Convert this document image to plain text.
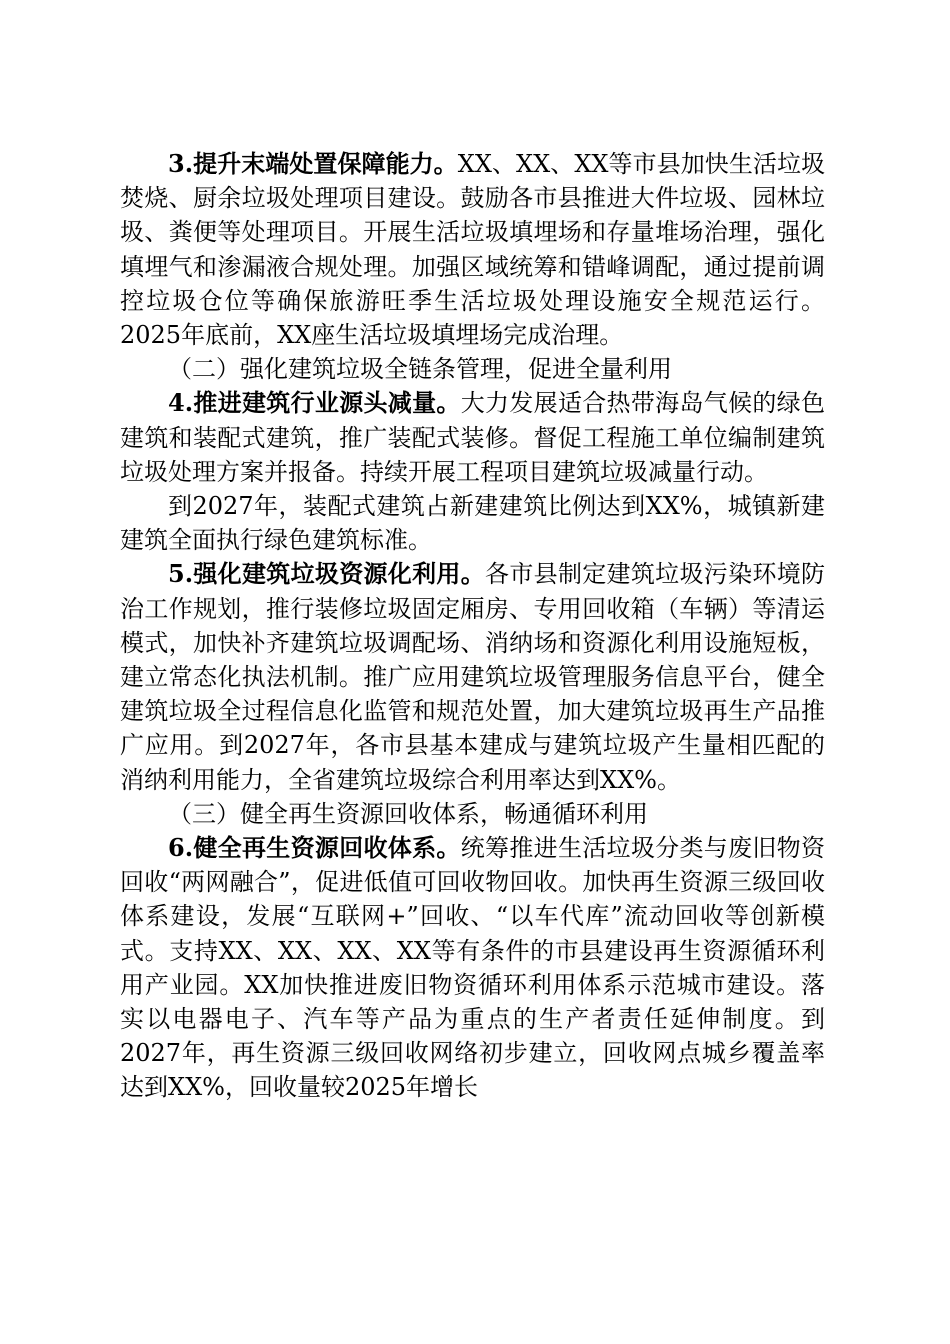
3.提升末端处置保障能力。XX、XX、XX等市县加快生活垃圾焚烧、厨余垃圾处理项目建设。鼓励各市县推进大件垃圾、园林垃圾、粪便等处理项目。开展生活垃圾填埋场和存量堆场治理，强化填埋气和渗漏液合规处理。加强区域统筹和错峰调配，通过提前调控垃圾仓位等确保旅游旺季生活垃圾处理设施安全规范运行。2025年底前，XX座生活垃圾填埋场完成治理。

（二）强化建筑垃圾全链条管理，促进全量利用

4.推进建筑行业源头减量。大力发展适合热带海岛气候的绿色建筑和装配式建筑，推广装配式装修。督促工程施工单位编制建筑垃圾处理方案并报备。持续开展工程项目建筑垃圾减量行动。

到2027年，装配式建筑占新建建筑比例达到XX%，城镇新建建筑全面执行绿色建筑标准。

5.强化建筑垃圾资源化利用。各市县制定建筑垃圾污染环境防治工作规划，推行装修垃圾固定厢房、专用回收箱（车辆）等清运模式，加快补齐建筑垃圾调配场、消纳场和资源化利用设施短板，建立常态化执法机制。推广应用建筑垃圾管理服务信息平台，健全建筑垃圾全过程信息化监管和规范处置，加大建筑垃圾再生产品推广应用。到2027年，各市县基本建成与建筑垃圾产生量相匹配的消纳利用能力，全省建筑垃圾综合利用率达到XX%。

（三）健全再生资源回收体系，畅通循环利用

6.健全再生资源回收体系。统筹推进生活垃圾分类与废旧物资回收“两网融合”，促进低值可回收物回收。加快再生资源三级回收体系建设，发展“互联网+”回收、“以车代库”流动回收等创新模式。支持XX、XX、XX、XX等有条件的市县建设再生资源循环利用产业园。XX加快推进废旧物资循环利用体系示范城市建设。落实以电器电子、汽车等产品为重点的生产者责任延伸制度。到2027年，再生资源三级回收网络初步建立，回收网点城乡覆盖率达到XX%，回收量较2025年增长
